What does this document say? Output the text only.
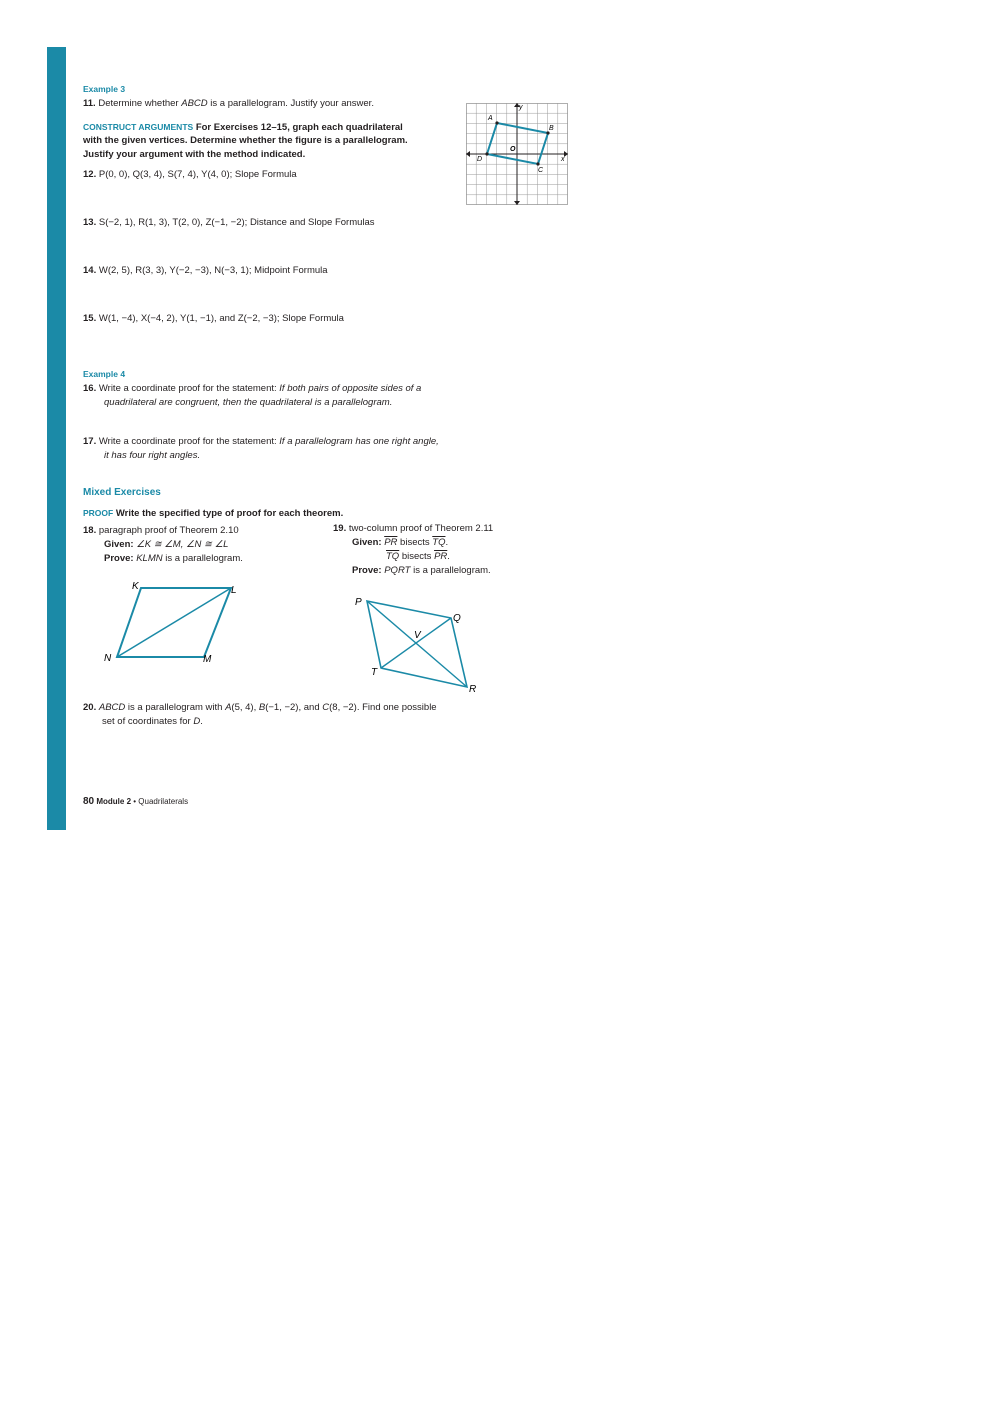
Example 3
11. Determine whether ABCD is a parallelogram. Justify your answer.
CONSTRUCT ARGUMENTS For Exercises 12–15, graph each quadrilateral
with the given vertices. Determine whether the figure is a parallelogram.
Justify your argument with the method indicated.
12. P(0, 0), Q(3, 4), S(7, 4), Y(4, 0); Slope Formula
13. S(−2, 1), R(1, 3), T(2, 0), Z(−1, −2); Distance and Slope Formulas
14. W(2, 5), R(3, 3), Y(−2, −3), N(−3, 1); Midpoint Formula
15. W(1, −4), X(−4, 2), Y(1, −1), and Z(−2, −3); Slope Formula
y
x
O
A
B
C
D
Example 4
16. Write a coordinate proof for the statement: If both pairs of opposite sides of a
quadrilateral are congruent, then the quadrilateral is a parallelogram.
17. Write a coordinate proof for the statement: If a parallelogram has one right angle,
it has four right angles.
Mixed Exercises
PROOF Write the specified type of proof for each theorem.
18. paragraph proof of Theorem 2.10
Given: ∠K ≅ ∠M, ∠N ≅ ∠L
Prove: KLMN is a parallelogram.
19. two-column proof of Theorem 2.11
Given: $\overline{PR}$ bisects $\overline{TQ}$.
$\overline{TQ}$ bisects $\overline{PR}$.
Prove: PQRT is a parallelogram.
K	L
M
N
P
Q
R
T
V
20. ABCD is a parallelogram with A(5, 4), B(−1, −2), and C(8, −2). Find one possible
set of coordinates for D.
80 Module 2 • Quadrilaterals
